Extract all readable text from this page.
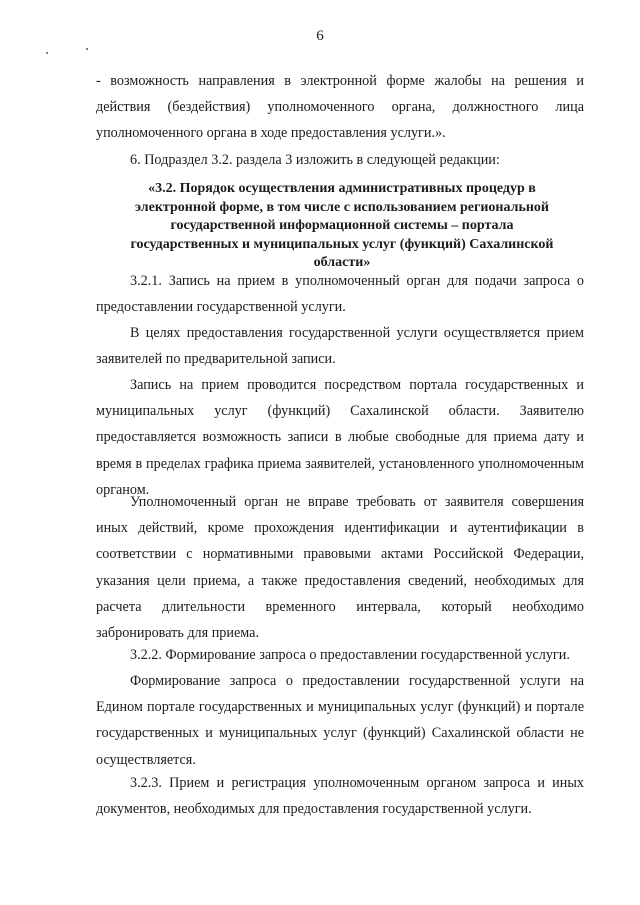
6

- возможность направления в электронной форме жалобы на решения и действия (бездействия) уполномоченного органа, должностного лица уполномоченного органа в ходе предоставления услуги.».

6. Подраздел 3.2. раздела 3 изложить в следующей редакции:

«3.2. Порядок осуществления административных процедур в электронной форме, в том числе с использованием региональной государственной информационной системы – портала государственных и муниципальных услуг (функций) Сахалинской области»

3.2.1. Запись на прием в уполномоченный орган для подачи запроса о предоставлении государственной услуги.

В целях предоставления государственной услуги осуществляется прием заявителей по предварительной записи.

Запись на прием проводится посредством портала государственных и муниципальных услуг (функций) Сахалинской области. Заявителю предоставляется возможность записи в любые свободные для приема дату и время в пределах графика приема заявителей, установленного уполномоченным органом.

Уполномоченный орган не вправе требовать от заявителя совершения иных действий, кроме прохождения идентификации и аутентификации в соответствии с нормативными правовыми актами Российской Федерации, указания цели приема, а также предоставления сведений, необходимых для расчета длительности временного интервала, который необходимо забронировать для приема.

3.2.2. Формирование запроса о предоставлении государственной услуги.

Формирование запроса о предоставлении государственной услуги на Едином портале государственных и муниципальных услуг (функций) и портале государственных и муниципальных услуг (функций) Сахалинской области не осуществляется.

3.2.3. Прием и регистрация уполномоченным органом запроса и иных документов, необходимых для предоставления государственной услуги.
